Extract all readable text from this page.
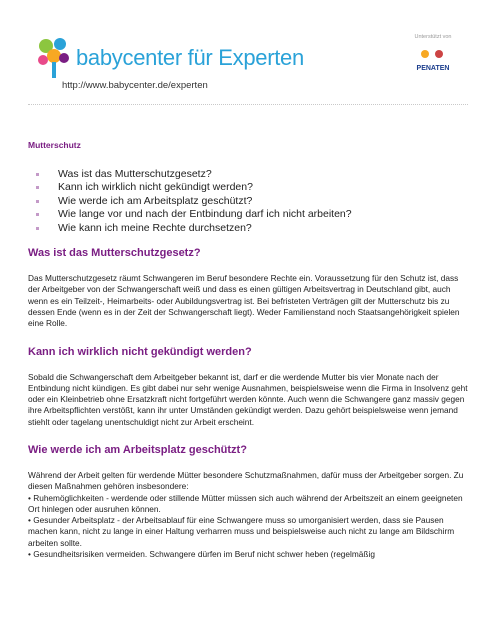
babycenter für Experten
http://www.babycenter.de/experten
Unterstützt von
PENATEN
Mutterschutz
Was ist das Mutterschutzgesetz?
Kann ich wirklich nicht gekündigt werden?
Wie werde ich am Arbeitsplatz geschützt?
Wie lange vor und nach der Entbindung darf ich nicht arbeiten?
Wie kann ich meine Rechte durchsetzen?
Was ist das Mutterschutzgesetz?

Das Mutterschutzgesetz räumt Schwangeren im Beruf besondere Rechte ein. Voraussetzung für den Schutz ist, dass der Arbeitgeber von der Schwangerschaft weiß und dass es einen gültigen Arbeitsvertrag in Deutschland gibt, auch wenn es ein Teilzeit-, Heimarbeits- oder Aubildungsvertrag ist. Bei befristeten Verträgen gilt der Mutterschutz bis zu dessen Ende (wenn es in der Zeit der Schwangerschaft liegt). Weder Familienstand noch Staatsangehörigkeit spielen eine Rolle.

Kann ich wirklich nicht gekündigt werden?

Sobald die Schwangerschaft dem Arbeitgeber bekannt ist, darf er die werdende Mutter bis vier Monate nach der Entbindung nicht kündigen. Es gibt dabei nur sehr wenige Ausnahmen, beispielsweise wenn die Firma in Insolvenz geht oder ein Kleinbetrieb ohne Ersatzkraft nicht fortgeführt werden könnte. Auch wenn die Schwangere ganz massiv gegen ihre Arbeitspflichten verstößt, kann ihr unter Umständen gekündigt werden. Dazu gehört beispielsweise wenn jemand stiehlt oder tagelang unentschuldigt nicht zur Arbeit erscheint.

Wie werde ich am Arbeitsplatz geschützt?

Während der Arbeit gelten für werdende Mütter besondere Schutzmaßnahmen, dafür muss der Arbeitgeber sorgen. Zu diesen Maßnahmen gehören insbesondere:

• Ruhemöglichkeiten - werdende oder stillende Mütter müssen sich auch während der Arbeitszeit an einem geeigneten Ort hinlegen oder ausruhen können.

• Gesunder Arbeitsplatz - der Arbeitsablauf für eine Schwangere muss so umorganisiert werden, dass sie Pausen machen kann, nicht zu lange in einer Haltung verharren muss und beispielsweise auch nicht zu lange am Bildschirm arbeiten sollte.

• Gesundheitsrisiken vermeiden. Schwangere dürfen im Beruf nicht schwer heben (regelmäßig
